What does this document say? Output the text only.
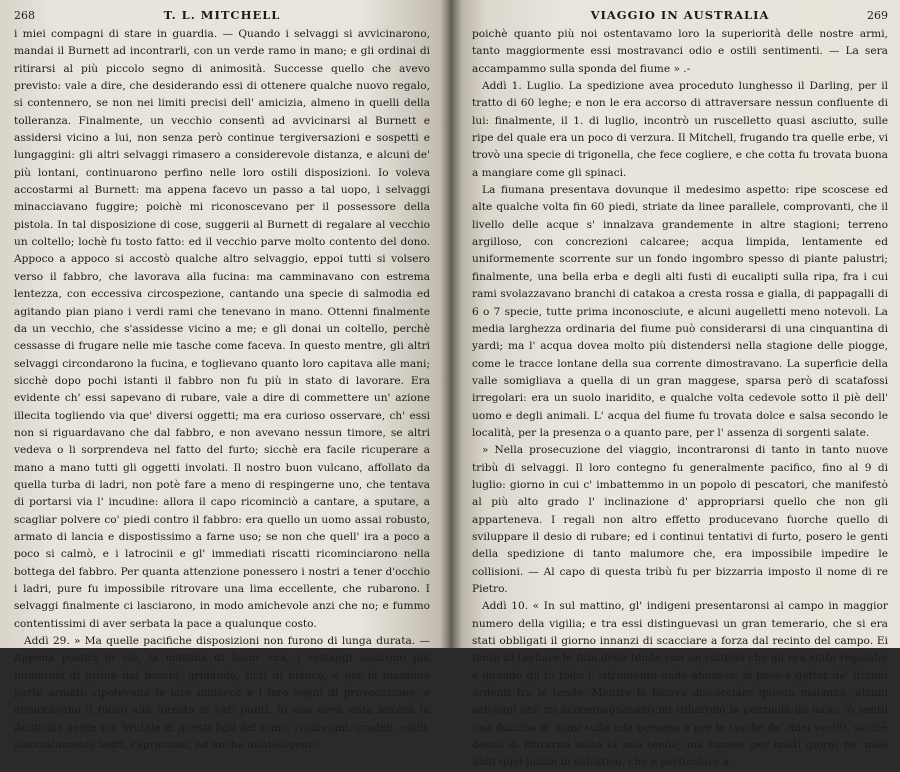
268	T. L. MITCHELL

i miei compagni di stare in guardia. — Quando i selvaggi si avvicinarono, mandai il Burnett ad incontrarli, con un verde ramo in mano; e gli ordinai di ritirarsi al più piccolo segno di animosità. Successe quello che avevo previsto: vale a dire, che desiderando essi di ottenere qualche nuovo regalo, si contennero, se non nei limiti precisi dell' amicizia, almeno in quelli della tolleranza. Finalmente, un vecchio consentì ad avvicinarsi al Burnett e assidersi vicino a lui, non senza però continue tergiversazioni e sospetti e lungaggini: gli altri selvaggi rimasero a considerevole distanza, e alcuni de' più lontani, continuarono perfino nelle loro ostili disposizioni. Io voleva accostarmi al Burnett: ma appena facevo un passo a tal uopo, i selvaggi minacciavano fuggire; poichè mi riconoscevano per il possessore della pistola. In tal disposizione di cose, suggerii al Burnett di regalare al vecchio un coltello; lochè fu tosto fatto: ed il vecchio parve molto contento del dono. Appoco a appoco si accostò qualche altro selvaggio, eppoi tutti si volsero verso il fabbro, che lavorava alla fucina: ma camminavano con estrema lentezza, con eccessiva circospezione, cantando una specie di salmodia ed agitando pian piano i verdi rami che tenevano in mano. Ottenni finalmente da un vecchio, che s'assidesse vicino a me; e gli donai un coltello, perchè cessasse di frugare nelle mie tasche come faceva. In questo mentre, gli altri selvaggi circondarono la fucina, e toglievano quanto loro capitava alle mani; sicchè dopo pochi istanti il fabbro non fu più in stato di lavorare. Era evidente ch' essi sapevano di rubare, vale a dire di commettere un' azione illecita togliendo via que' diversi oggetti; ma era curioso osservare, ch' essi non si riguardavano che dal fabbro, e non avevano nessun timore, se altri vedeva o li sorprendeva nel fatto del furto; sicchè era facile ricuperare a mano a mano tutti gli oggetti involati. Il nostro buon vulcano, affollato da quella turba di ladri, non potè fare a meno di respingerne uno, che tentava di portarsi via l' incudine: allora il capo ricominciò a cantare, a sputare, a scagliar polvere co' piedi contro il fabbro: era quello un uomo assai robusto, armato di lancia e dispostissimo a farne uso; se non che quell' ira a poco a poco si calmò, e i latrocinii e gl' immediati riscatti ricominciarono nella bottega del fabbro. Per quanta attenzione ponessero i nostri a tener d'occhio i ladri, pure fu impossibile ritrovare una lima eccellente, che rubarono. I selvaggi finalmente ci lasciarono, in modo amichevole anzi che no; e fummo contentissimi di aver serbata la pace a qualunque costo.

Addì 29. » Ma quelle pacifiche disposizioni non furono di lunga durata. — Appena postici in via, la mattina di buon' ora, i selvaggi uscirono più numerosi di prima dai boschi, gridando, tinti di bianco, e per la massima parte armati: ripetevano le loro minacce e i loro segni di provocazione, e appiccavano il fuoco alla foresta in vari punti. Io non avea vista ancora in Australia gente più brutale di questi figli del fumo, rozzissimi, crudeli, ostili, sfacciatamente ladri, capricciosi, ed anche inintelligenti:

VIAGGIO IN AUSTRALIA	269

poichè quanto più noi ostentavamo loro la superiorità delle nostre armi, tanto maggiormente essi mostravanci odio e ostili sentimenti. — La sera accampammo sulla sponda del fiume » .-

Addì 1. Luglio. La spedizione avea proceduto lunghesso il Darling, per il tratto di 60 leghe; e non le era accorso di attraversare nessun confluente di lui: finalmente, il 1. di luglio, incontrò un ruscelletto quasi asciutto, sulle ripe del quale era un poco di verzura. Il Mitchell, frugando tra quelle erbe, vi trovò una specie di trigonella, che fece cogliere, e che cotta fu trovata buona a mangiare come gli spinaci.

La fiumana presentava dovunque il medesimo aspetto: ripe scoscese ed alte qualche volta fin 60 piedi, striate da linee parallele, comprovanti, che il livello delle acque s' innalzava grandemente in altre stagioni; terreno argilloso, con concrezioni calcaree; acqua limpida, lentamente ed uniformemente scorrente sur un fondo ingombro spesso di piante palustri; finalmente, una bella erba e degli alti fusti di eucalipti sulla ripa, fra i cui rami svolazzavano branchi di catakoa a cresta rossa e gialla, di pappagalli di 6 o 7 specie, tutte prima inconosciute, e alcuni augelletti meno notevoli. La media larghezza ordinaria del fiume può considerarsi di una cinquantina di yardi; ma l' acqua dovea molto più distendersi nella stagione delle piogge, come le tracce lontane della sua corrente dimostravano. La superficie della valle somigliava a quella di un gran maggese, sparsa però di scatafossi irregolari: era un suolo inaridito, e qualche volta cedevole sotto il piè dell' uomo e degli animali. L' acqua del fiume fu trovata dolce e salsa secondo le località, per la presenza o a quanto pare, per l' assenza di sorgenti salate.

» Nella prosecuzione del viaggio, incontraronsi di tanto in tanto nuove tribù di selvaggi. Il loro contegno fu generalmente pacifico, fino al 9 di luglio: giorno in cui c' imbattemmo in un popolo di pescatori, che manifestò al più alto grado l' inclinazione d' appropriarsi quello che non gli apparteneva. I regali non altro effetto producevano fuorche quello di sviluppare il desio di rubare; ed i continui tentativi di furto, posero le genti della spedizione di tanto malumore che, era impossibile impedire le collisioni. — Al capo di questa tribù fu per bizzarria imposto il nome di re Pietro.

Addì 10. « In sul mattino, gl' indigeni presentaronsi al campo in maggior numero della vigilia; e tra essi distinguevasi un gran temerario, che si era stati obbligati il giorno innanzi di scacciare a forza dal recinto del campo. Ei tentò di tagliare le funi delle tende con un coltello che gli era stato regalato; e quando gli fu tolto l' istrumento onde abusava, si pose a gettar de' tizzoni ardenti fra le tende. Mentre lo faceva discacciare questo malanno, alcuni selvaggi che mi accompagnavano mi rubarono la pezzuola da naso; io sentii una dozzina di mani sulla mia persona e per le tasche de' miei vestiti, sicchè decisi di ritirarmi sotto la mia tenda; ma rimase per molti giorni ne' miei abiti quel puzzo di salvatico, che è particolare a
